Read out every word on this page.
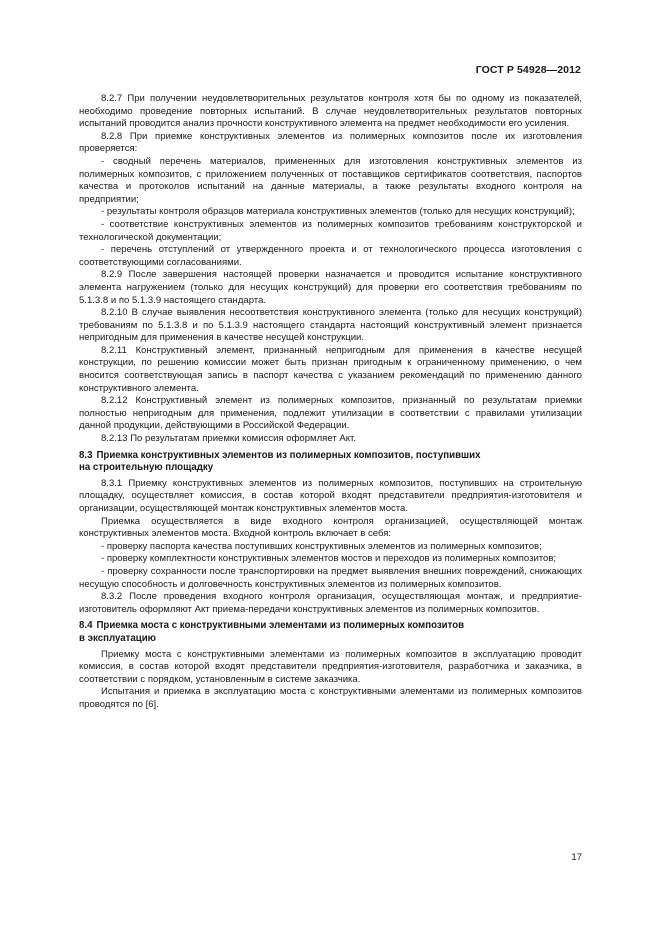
ГОСТ Р 54928—2012

8.2.7 При получении неудовлетворительных результатов контроля хотя бы по одному из показателей, необходимо проведение повторных испытаний. В случае неудовлетворительных результатов повторных испытаний проводится анализ прочности конструктивного элемента на предмет необходимости его усиления.

8.2.8 При приемке конструктивных элементов из полимерных композитов после их изготовления проверяется:

- сводный перечень материалов, примененных для изготовления конструктивных элементов из полимерных композитов, с приложением полученных от поставщиков сертификатов соответствия, паспортов качества и протоколов испытаний на данные материалы, а также результаты входного контроля на предприятии;

- результаты контроля образцов материала конструктивных элементов (только для несущих конструкций);

- соответствие конструктивных элементов из полимерных композитов требованиям конструкторской и технологической документации;

- перечень отступлений от утвержденного проекта и от технологического процесса изготовления с соответствующими согласованиями.

8.2.9 После завершения настоящей проверки назначается и проводится испытание конструктивного элемента нагружением (только для несущих конструкций) для проверки его соответствия требованиям по 5.1.3.8 и по 5.1.3.9 настоящего стандарта.

8.2.10 В случае выявления несоответствия конструктивного элемента (только для несущих конструкций) требованиям по 5.1.3.8 и по 5.1.3.9 настоящего стандарта настоящий конструктивный элемент признается непригодным для применения в качестве несущей конструкции.

8.2.11 Конструктивный элемент, признанный непригодным для применения в качестве несущей конструкции, по решению комиссии может быть признан пригодным к ограниченному применению, о чем вносится соответствующая запись в паспорт качества с указанием рекомендаций по применению данного конструктивного элемента.

8.2.12 Конструктивный элемент из полимерных композитов, признанный по результатам приемки полностью непригодным для применения, подлежит утилизации в соответствии с правилами утилизации данной продукции, действующими в Российской Федерации.

8.2.13 По результатам приемки комиссия оформляет Акт.

8.3 Приемка конструктивных элементов из полимерных композитов, поступивших
на строительную площадку

8.3.1 Приемку конструктивных элементов из полимерных композитов, поступивших на строительную площадку, осуществляет комиссия, в состав которой входят представители предприятия-изготовителя и организации, осуществляющей монтаж конструктивных элементов моста.

Приемка осуществляется в виде входного контроля организацией, осуществляющей монтаж конструктивных элементов моста. Входной контроль включает в себя:

- проверку паспорта качества поступивших конструктивных элементов из полимерных композитов;

- проверку комплектности конструктивных элементов мостов и переходов из полимерных композитов;

- проверку сохранности после транспортировки на предмет выявления внешних повреждений, снижающих несущую способность и долговечность конструктивных элементов из полимерных композитов.

8.3.2 После проведения входного контроля организация, осуществляющая монтаж, и предприятие-изготовитель оформляют Акт приема-передачи конструктивных элементов из полимерных композитов.

8.4 Приемка моста с конструктивными элементами из полимерных композитов
в эксплуатацию

Приемку моста с конструктивными элементами из полимерных композитов в эксплуатацию проводит комиссия, в состав которой входят представители предприятия-изготовителя, разработчика и заказчика, в соответствии с порядком, установленным в системе заказчика.

Испытания и приемка в эксплуатацию моста с конструктивными элементами из полимерных композитов проводятся по [6].

17
